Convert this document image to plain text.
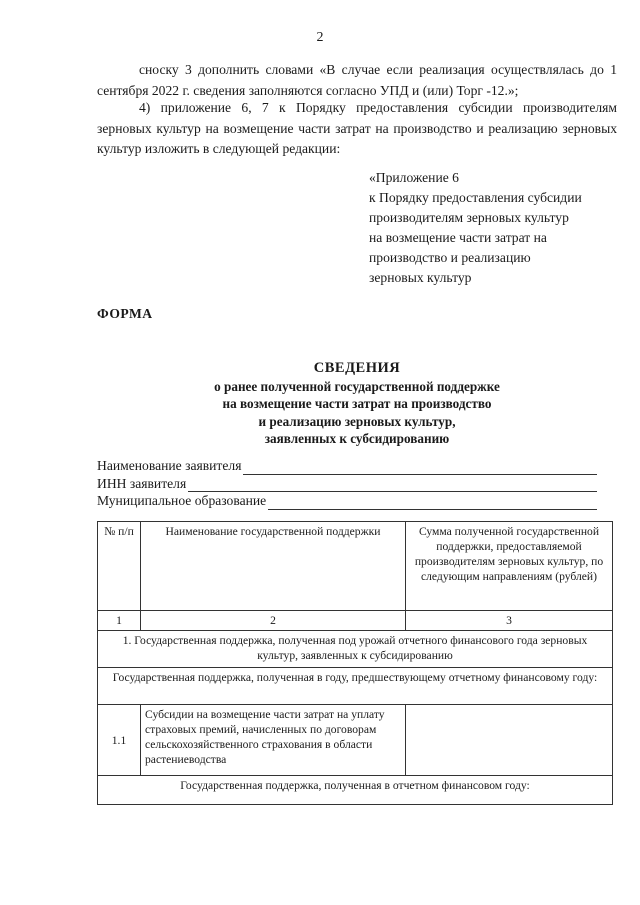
2
сноску 3 дополнить словами «В случае если реализация осуществлялась до 1 сентября 2022 г. сведения заполняются согласно УПД и (или) Торг -12.»;
4) приложение 6, 7 к Порядку предоставления субсидии производителям зерновых культур на возмещение части затрат на производство и реализацию зерновых культур изложить в следующей редакции:
«Приложение 6
к Порядку предоставления субсидии
производителям зерновых культур
на возмещение части затрат на
производство и реализацию
зерновых культур
ФОРМА
СВЕДЕНИЯ
о ранее полученной государственной поддержке
на возмещение части затрат на производство
и реализацию зерновых культур,
заявленных к субсидированию
Наименование заявителя
ИНН заявителя
Муниципальное образование
№ п/п	Наименование государственной поддержки	Сумма полученной государственной поддержки, предоставляемой производителям зерновых культур, по следующим направлениям (рублей)
1	2	3
1. Государственная поддержка, полученная под урожай отчетного финансового года зерновых культур, заявленных к субсидированию		
Государственная поддержка, полученная в году, предшествующему отчетному финансовому году:		
1.1	Субсидии на возмещение части затрат на уплату страховых премий, начисленных по договорам сельскохозяйственного страхования в области растениеводства	
Государственная поддержка, полученная в отчетном финансовом году:		
